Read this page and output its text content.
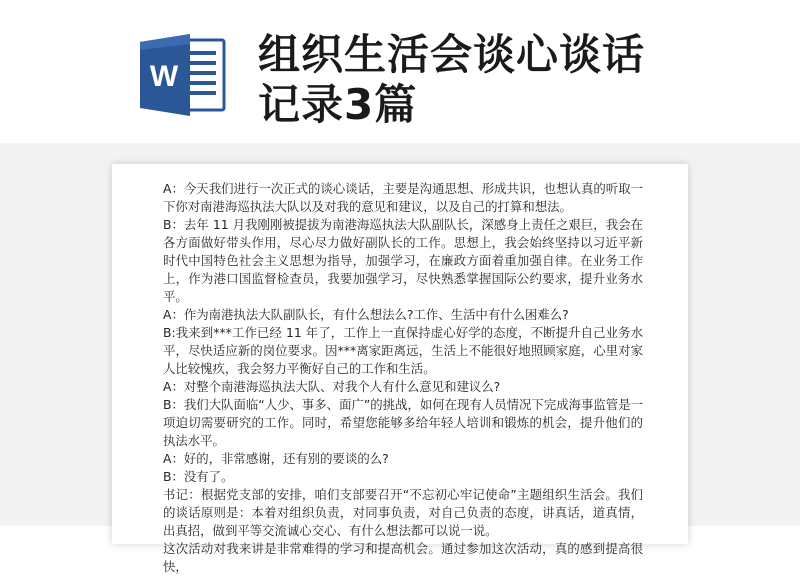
W 组织生活会谈心谈话
记录3篇
A：今天我们进行一次正式的谈心谈话，主要是沟通思想、形成共识，也想认真的听取一下你对南港海巡执法大队以及对我的意见和建议，以及自己的打算和想法。
B：去年 11 月我刚刚被提拔为南港海巡执法大队副队长，深感身上责任之艰巨，我会在各方面做好带头作用，尽心尽力做好副队长的工作。思想上，我会始终坚持以习近平新时代中国特色社会主义思想为指导，加强学习，在廉政方面着重加强自律。在业务工作上，作为港口国监督检查员，我要加强学习，尽快熟悉掌握国际公约要求，提升业务水平。
A：作为南港执法大队副队长，有什么想法么?工作、生活中有什么困难么?
B:我来到***工作已经 11 年了，工作上一直保持虚心好学的态度，不断提升自己业务水平，尽快适应新的岗位要求。因***离家距离远，生活上不能很好地照顾家庭，心里对家人比较愧疚，我会努力平衡好自己的工作和生活。
A：对整个南港海巡执法大队、对我个人有什么意见和建议么?
B：我们大队面临“人少、事多、面广”的挑战，如何在现有人员情况下完成海事监管是一项迫切需要研究的工作。同时，希望您能够多给年轻人培训和锻炼的机会，提升他们的执法水平。
A：好的，非常感谢，还有别的要谈的么?
B：没有了。
书记：根据党支部的安排，咱们支部要召开“不忘初心牢记使命”主题组织生活会。我们的谈话原则是：本着对组织负责，对同事负责，对自己负责的态度，讲真话，道真情，出真招，做到平等交流诚心交心、有什么想法都可以说一说。
这次活动对我来讲是非常难得的学习和提高机会。通过参加这次活动，真的感到提高很快，
